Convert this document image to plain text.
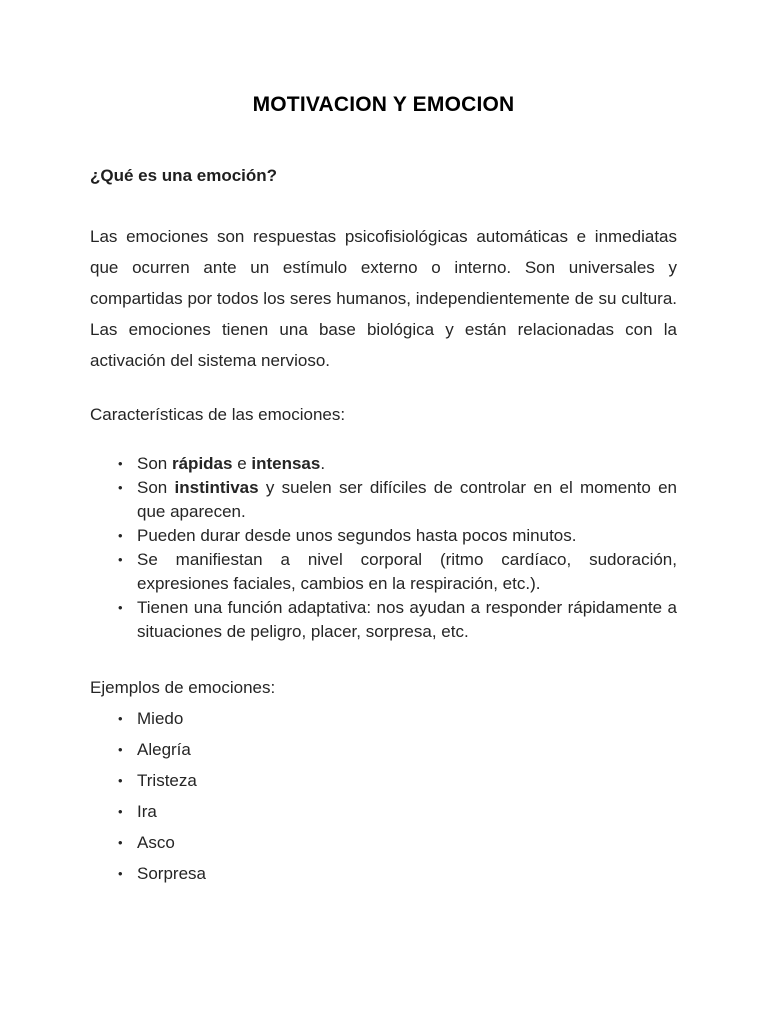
MOTIVACION Y EMOCION
¿Qué es una emoción?

Las emociones son respuestas psicofisiológicas automáticas e inmediatas que ocurren ante un estímulo externo o interno. Son universales y compartidas por todos los seres humanos, independientemente de su cultura. Las emociones tienen una base biológica y están relacionadas con la activación del sistema nervioso.

Características de las emociones:

• Son rápidas e intensas.
• Son instintivas y suelen ser difíciles de controlar en el momento en que aparecen.
• Pueden durar desde unos segundos hasta pocos minutos.
• Se manifiestan a nivel corporal (ritmo cardíaco, sudoración, expresiones faciales, cambios en la respiración, etc.).
• Tienen una función adaptativa: nos ayudan a responder rápidamente a situaciones de peligro, placer, sorpresa, etc.

Ejemplos de emociones:

• Miedo
• Alegría
• Tristeza
• Ira
• Asco
• Sorpresa
